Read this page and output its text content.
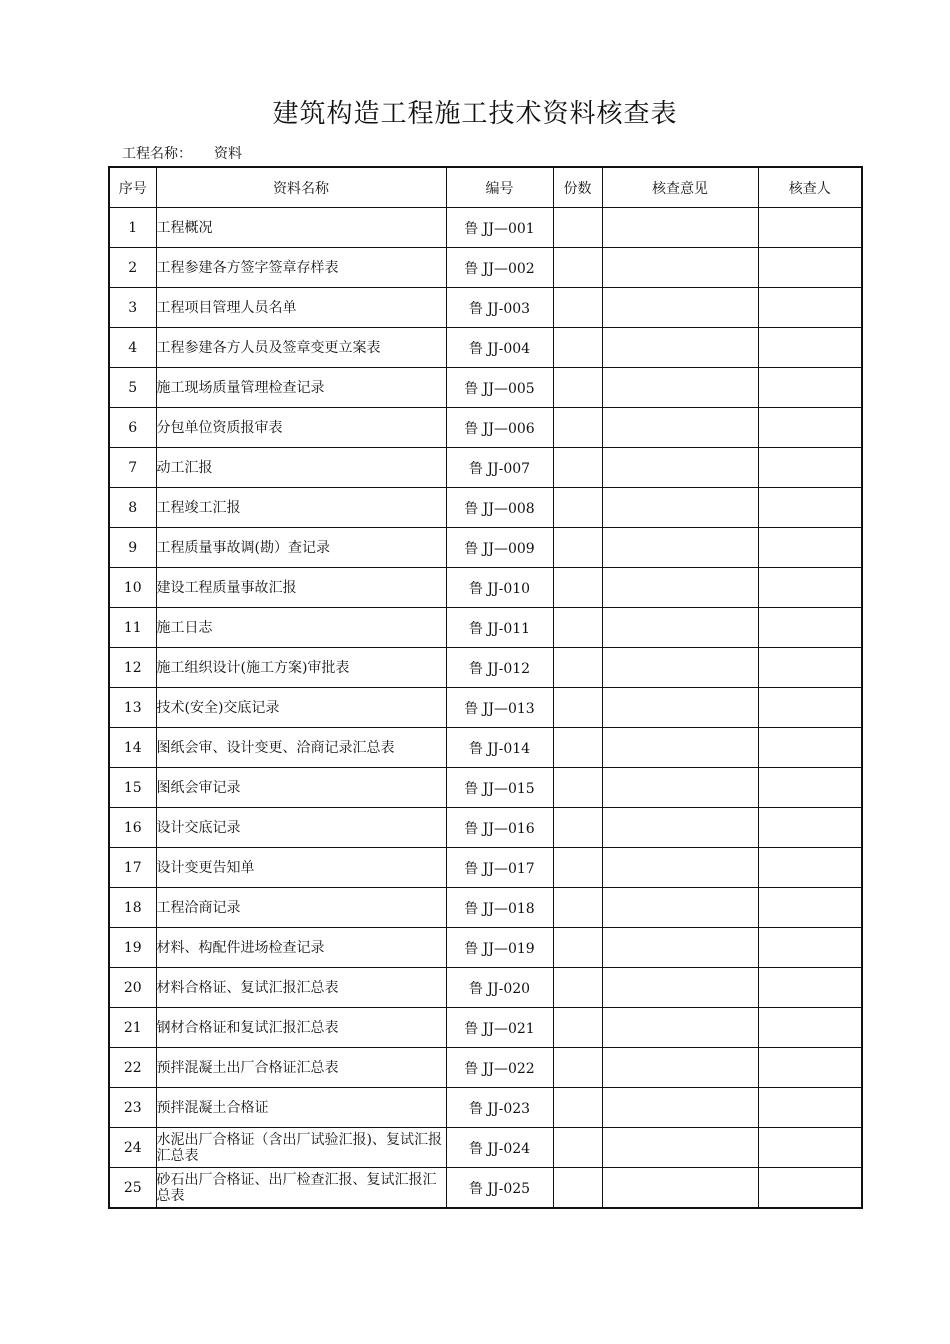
建筑构造工程施工技术资料核查表
工程名称： 资料
序号	资料名称	编号	份数	核查意见	核查人
1	工程概况	鲁 JJ—001			
2	工程参建各方签字签章存样表	鲁 JJ—002			
3	工程项目管理人员名单	鲁 JJ-003			
4	工程参建各方人员及签章变更立案表	鲁 JJ-004			
5	施工现场质量管理检查记录	鲁 JJ—005			
6	分包单位资质报审表	鲁 JJ—006			
7	动工汇报	鲁 JJ-007			
8	工程竣工汇报	鲁 JJ—008			
9	工程质量事故调(勘）查记录	鲁 JJ—009			
10	建设工程质量事故汇报	鲁 JJ-010			
11	施工日志	鲁 JJ-011			
12	施工组织设计(施工方案)审批表	鲁 JJ-012			
13	技术(安全)交底记录	鲁 JJ—013			
14	图纸会审、设计变更、洽商记录汇总表	鲁 JJ-014			
15	图纸会审记录	鲁 JJ—015			
16	设计交底记录	鲁 JJ—016			
17	设计变更告知单	鲁 JJ—017			
18	工程洽商记录	鲁 JJ—018			
19	材料、构配件进场检查记录	鲁 JJ—019			
20	材料合格证、复试汇报汇总表	鲁 JJ-020			
21	钢材合格证和复试汇报汇总表	鲁 JJ—021			
22	预拌混凝土出厂合格证汇总表	鲁 JJ—022			
23	预拌混凝土合格证	鲁 JJ-023			
24	水泥出厂合格证（含出厂试验汇报)、复试汇报汇总表	鲁 JJ-024			
25	砂石出厂合格证、出厂检查汇报、复试汇报汇总表	鲁 JJ-025			
